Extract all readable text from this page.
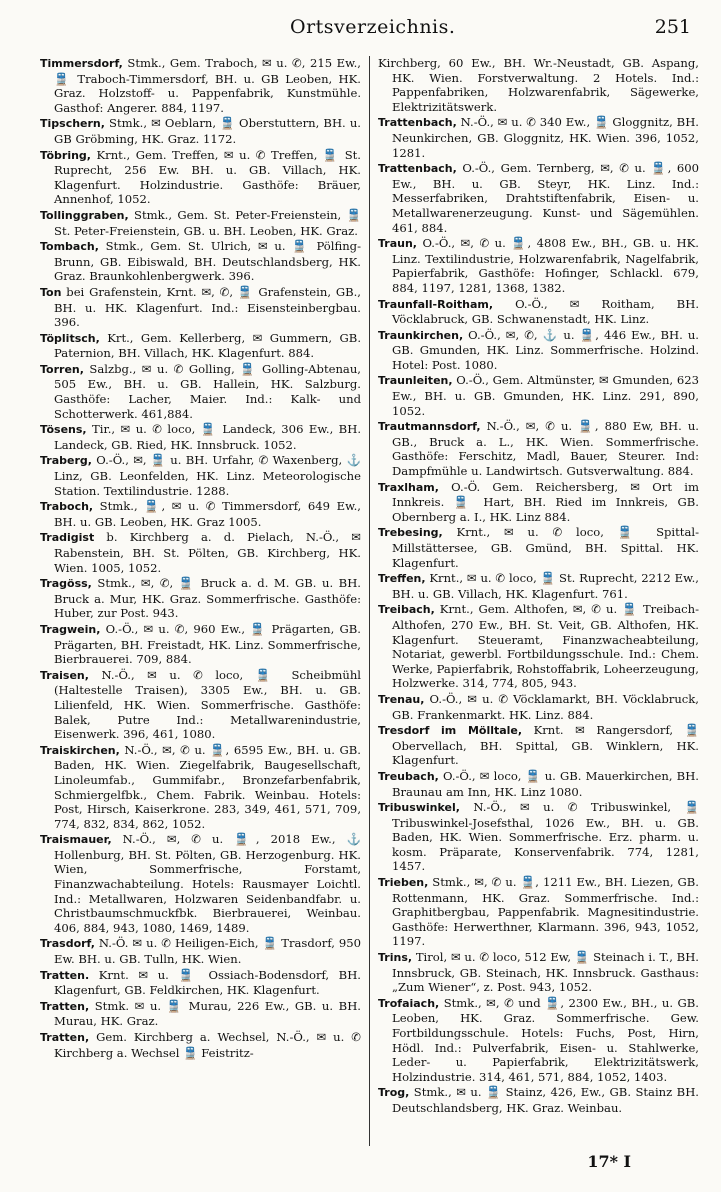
Ortsverzeichnis.	251

Timmersdorf, Stmk., Gem. Traboch, ✉ u. ✆, 215 Ew., 🚆 Traboch-Timmersdorf, BH. u. GB Leoben, HK. Graz. Holzstoff- u. Pappenfabrik, Kunstmühle. Gasthof: Angerer. 884, 1197.

Tipschern, Stmk., ✉ Oeblarn, 🚆 Oberstuttern, BH. u. GB Gröbming, HK. Graz. 1172.

Töbring, Krnt., Gem. Treffen, ✉ u. ✆ Treffen, 🚆 St. Ruprecht, 256 Ew. BH. u. GB. Villach, HK. Klagenfurt. Holzindustrie. Gasthöfe: Bräuer, Annenhof, 1052.

Tollinggraben, Stmk., Gem. St. Peter-Freienstein, 🚆 St. Peter-Freienstein, GB. u. BH. Leoben, HK. Graz.

Tombach, Stmk., Gem. St. Ulrich, ✉ u. 🚆 Pölfing-Brunn, GB. Eibiswald, BH. Deutschlandsberg, HK. Graz. Braunkohlenbergwerk. 396.

Ton bei Grafenstein, Krnt. ✉, ✆, 🚆 Grafenstein, GB., BH. u. HK. Klagenfurt. Ind.: Eisensteinbergbau. 396.

Töplitsch, Krt., Gem. Kellerberg, ✉ Gummern, GB. Paternion, BH. Villach, HK. Klagenfurt. 884.

Torren, Salzbg., ✉ u. ✆ Golling, 🚆 Golling-Abtenau, 505 Ew., BH. u. GB. Hallein, HK. Salzburg. Gasthöfe: Lacher, Maier. Ind.: Kalk- und Schotterwerk. 461,884.

Tösens, Tir., ✉ u. ✆ loco, 🚆 Landeck, 306 Ew., BH. Landeck, GB. Ried, HK. Innsbruck. 1052.

Traberg, O.-Ö., ✉, 🚆 u. BH. Urfahr, ✆ Waxenberg, ⚓ Linz, GB. Leonfelden, HK. Linz. Meteorologische Station. Textilindustrie. 1288.

Traboch, Stmk., 🚆, ✉ u. ✆ Timmersdorf, 649 Ew., BH. u. GB. Leoben, HK. Graz 1005.

Tradigist b. Kirchberg a. d. Pielach, N.-Ö., ✉ Rabenstein, BH. St. Pölten, GB. Kirchberg, HK. Wien. 1005, 1052.

Tragöss, Stmk., ✉, ✆, 🚆 Bruck a. d. M. GB. u. BH. Bruck a. Mur, HK. Graz. Sommerfrische. Gasthöfe: Huber, zur Post. 943.

Tragwein, O.-Ö., ✉ u. ✆, 960 Ew., 🚆 Prägarten, GB. Prägarten, BH. Freistadt, HK. Linz. Sommerfrische, Bierbrauerei. 709, 884.

Traisen, N.-Ö., ✉ u. ✆ loco, 🚆 Scheibmühl (Haltestelle Traisen), 3305 Ew., BH. u. GB. Lilienfeld, HK. Wien. Sommerfrische. Gasthöfe: Balek, Putre Ind.: Metallwarenindustrie, Eisenwerk. 396, 461, 1080.

Traiskirchen, N.-Ö., ✉, ✆ u. 🚆, 6595 Ew., BH. u. GB. Baden, HK. Wien. Ziegelfabrik, Baugesellschaft, Linoleumfab., Gummifabr., Bronzefarbenfabrik, Schmiergelfbk., Chem. Fabrik. Weinbau. Hotels: Post, Hirsch, Kaiserkrone. 283, 349, 461, 571, 709, 774, 832, 834, 862, 1052.

Traismauer, N.-Ö., ✉, ✆ u. 🚆, 2018 Ew., ⚓ Hollenburg, BH. St. Pölten, GB. Herzogenburg. HK. Wien, Sommerfrische, Forstamt, Finanzwachabteilung. Hotels: Rausmayer Loichtl. Ind.: Metallwaren, Holzwaren Seidenbandfabr. u. Christbaumschmuckfbk. Bierbrauerei, Weinbau. 406, 884, 943, 1080, 1469, 1489.

Trasdorf, N.-Ö. ✉ u. ✆ Heiligen-Eich, 🚆 Trasdorf, 950 Ew. BH. u. GB. Tulln, HK. Wien.

Tratten. Krnt. ✉ u. 🚆 Ossiach-Bodensdorf, BH. Klagenfurt, GB. Feldkirchen, HK. Klagenfurt.

Tratten, Stmk. ✉ u. 🚆 Murau, 226 Ew., GB. u. BH. Murau, HK. Graz.

Tratten, Gem. Kirchberg a. Wechsel, N.-Ö., ✉ u. ✆ Kirchberg a. Wechsel 🚆 Feistritz-

Kirchberg, 60 Ew., BH. Wr.-Neustadt, GB. Aspang, HK. Wien. Forstverwaltung. 2 Hotels. Ind.: Pappenfabriken, Holzwarenfabrik, Sägewerke, Elektrizitätswerk.

Trattenbach, N.-Ö., ✉ u. ✆ 340 Ew., 🚆 Gloggnitz, BH. Neunkirchen, GB. Gloggnitz, HK. Wien. 396, 1052, 1281.

Trattenbach, O.-Ö., Gem. Ternberg, ✉, ✆ u. 🚆, 600 Ew., BH. u. GB. Steyr, HK. Linz. Ind.: Messerfabriken, Drahtstiftenfabrik, Eisen- u. Metallwarenerzeugung. Kunst- und Sägemühlen. 461, 884.

Traun, O.-Ö., ✉, ✆ u. 🚆, 4808 Ew., BH., GB. u. HK. Linz. Textilindustrie, Holzwarenfabrik, Nagelfabrik, Papierfabrik, Gasthöfe: Hofinger, Schlackl. 679, 884, 1197, 1281, 1368, 1382.

Traunfall-Roitham, O.-Ö., ✉ Roitham, BH. Vöcklabruck, GB. Schwanenstadt, HK. Linz.

Traunkirchen, O.-Ö., ✉, ✆, ⚓ u. 🚆, 446 Ew., BH. u. GB. Gmunden, HK. Linz. Sommerfrische. Holzind. Hotel: Post. 1080.

Traunleiten, O.-Ö., Gem. Altmünster, ✉ Gmunden, 623 Ew., BH. u. GB. Gmunden, HK. Linz. 291, 890, 1052.

Trautmannsdorf, N.-Ö., ✉, ✆ u. 🚆, 880 Ew, BH. u. GB., Bruck a. L., HK. Wien. Sommerfrische. Gasthöfe: Ferschitz, Madl, Bauer, Steurer. Ind: Dampfmühle u. Landwirtsch. Gutsverwaltung. 884.

Traxlham, O.-Ö. Gem. Reichersberg, ✉ Ort im Innkreis. 🚆 Hart, BH. Ried im Innkreis, GB. Obernberg a. I., HK. Linz 884.

Trebesing, Krnt., ✉ u. ✆ loco, 🚆 Spittal-Millstättersee, GB. Gmünd, BH. Spittal. HK. Klagenfurt.

Treffen, Krnt., ✉ u. ✆ loco, 🚆 St. Ruprecht, 2212 Ew., BH. u. GB. Villach, HK. Klagenfurt. 761.

Treibach, Krnt., Gem. Althofen, ✉, ✆ u. 🚆 Treibach-Althofen, 270 Ew., BH. St. Veit, GB. Althofen, HK. Klagenfurt. Steueramt, Finanzwacheabteilung, Notariat, gewerbl. Fortbildungsschule. Ind.: Chem. Werke, Papierfabrik, Rohstoffabrik, Loheerzeugung, Holzwerke. 314, 774, 805, 943.

Trenau, O.-Ö., ✉ u. ✆ Vöcklamarkt, BH. Vöcklabruck, GB. Frankenmarkt. HK. Linz. 884.

Tresdorf im Mölltale, Krnt. ✉ Rangersdorf, 🚆 Obervellach, BH. Spittal, GB. Winklern, HK. Klagenfurt.

Treubach, O.-Ö., ✉ loco, 🚆 u. GB. Mauerkirchen, BH. Braunau am Inn, HK. Linz 1080.

Tribuswinkel, N.-Ö., ✉ u. ✆ Tribuswinkel, 🚆 Tribuswinkel-Josefsthal, 1026 Ew., BH. u. GB. Baden, HK. Wien. Sommerfrische. Erz. pharm. u. kosm. Präparate, Konservenfabrik. 774, 1281, 1457.

Trieben, Stmk., ✉, ✆ u. 🚆, 1211 Ew., BH. Liezen, GB. Rottenmann, HK. Graz. Sommerfrische. Ind.: Graphitbergbau, Pappenfabrik. Magnesitindustrie. Gasthöfe: Herwerthner, Klarmann. 396, 943, 1052, 1197.

Trins, Tirol, ✉ u. ✆ loco, 512 Ew, 🚆 Steinach i. T., BH. Innsbruck, GB. Steinach, HK. Innsbruck. Gasthaus: „Zum Wiener“, z. Post. 943, 1052.

Trofaiach, Stmk., ✉, ✆ und 🚆, 2300 Ew., BH., u. GB. Leoben, HK. Graz. Sommerfrische. Gew. Fortbildungsschule. Hotels: Fuchs, Post, Hirn, Hödl. Ind.: Pulverfabrik, Eisen- u. Stahlwerke, Leder- u. Papierfabrik, Elektrizitätswerk, Holzindustrie. 314, 461, 571, 884, 1052, 1403.

Trog, Stmk., ✉ u. 🚆 Stainz, 426, Ew., GB. Stainz BH. Deutschlandsberg, HK. Graz. Weinbau.

17* I
